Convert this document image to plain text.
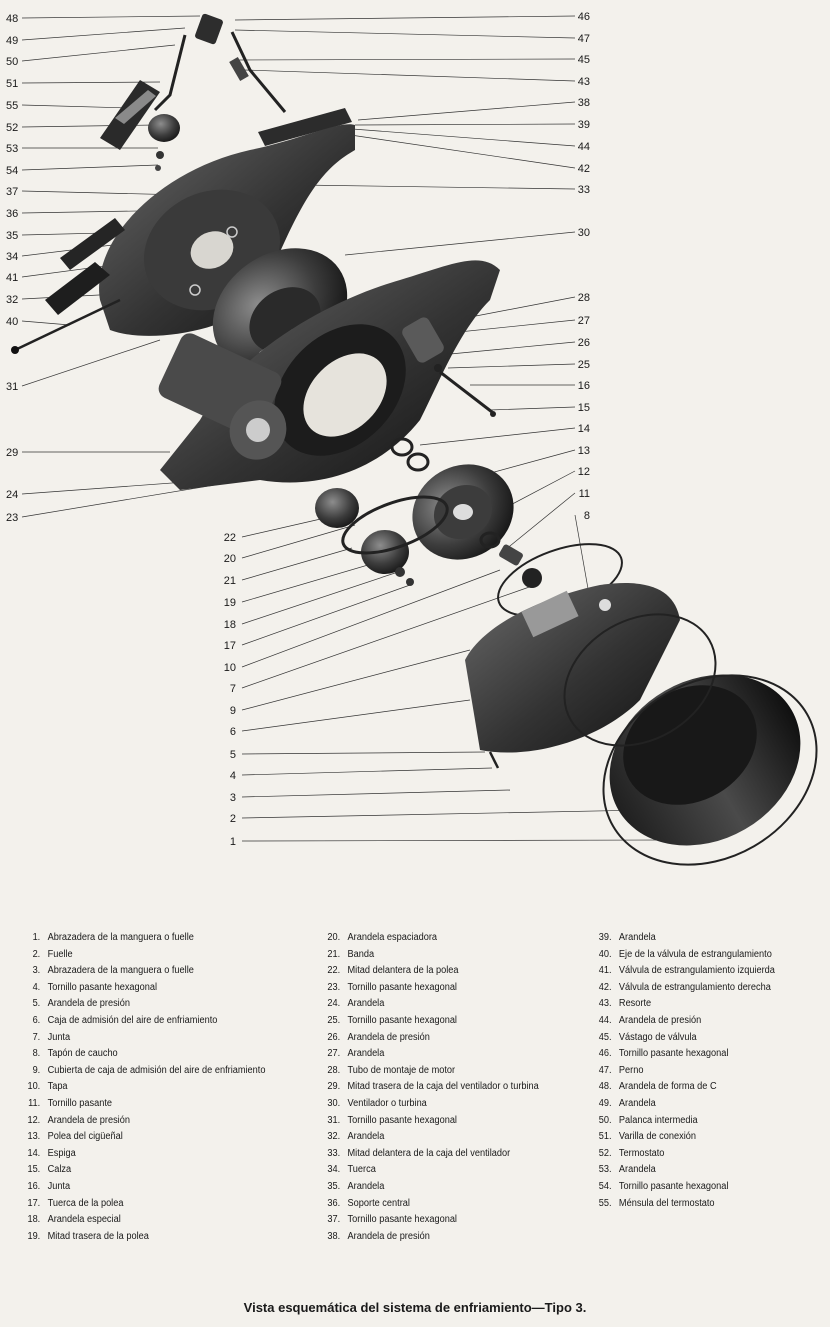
48
49
50
51
55
52
53
54
37
36
35
34
41
32
40
31
29
24
23
46
47
45
43
38
39
44
42
33
30
28
27
26
25
16
15
14
13
12
11
8
22
20
21
19
18
17
10
7
9
6
5
4
3
2
1
1. Abrazadera de la manguera o fuelle
2. Fuelle
3. Abrazadera de la manguera o fuelle
4. Tornillo pasante hexagonal
5. Arandela de presión
6. Caja de admisión del aire de enfriamiento
7. Junta
8. Tapón de caucho
9. Cubierta de caja de admisión del aire de enfriamiento
10. Tapa
11. Tornillo pasante
12. Arandela de presión
13. Polea del cigüeñal
14. Espiga
15. Calza
16. Junta
17. Tuerca de la polea
18. Arandela especial
19. Mitad trasera de la polea
20. Arandela espaciadora
21. Banda
22. Mitad delantera de la polea
23. Tornillo pasante hexagonal
24. Arandela
25. Tornillo pasante hexagonal
26. Arandela de presión
27. Arandela
28. Tubo de montaje de motor
29. Mitad trasera de la caja del ventilador o turbina
30. Ventilador o turbina
31. Tornillo pasante hexagonal
32. Arandela
33. Mitad delantera de la caja del ventilador
34. Tuerca
35. Arandela
36. Soporte central
37. Tornillo pasante hexagonal
38. Arandela de presión
39. Arandela
40. Eje de la válvula de estrangulamiento
41. Válvula de estrangulamiento izquierda
42. Válvula de estrangulamiento derecha
43. Resorte
44. Arandela de presión
45. Vástago de válvula
46. Tornillo pasante hexagonal
47. Perno
48. Arandela de forma de C
49. Arandela
50. Palanca intermedia
51. Varilla de conexión
52. Termostato
53. Arandela
54. Tornillo pasante hexagonal
55. Ménsula del termostato
Vista esquemática del sistema de enfriamiento—Tipo 3.
